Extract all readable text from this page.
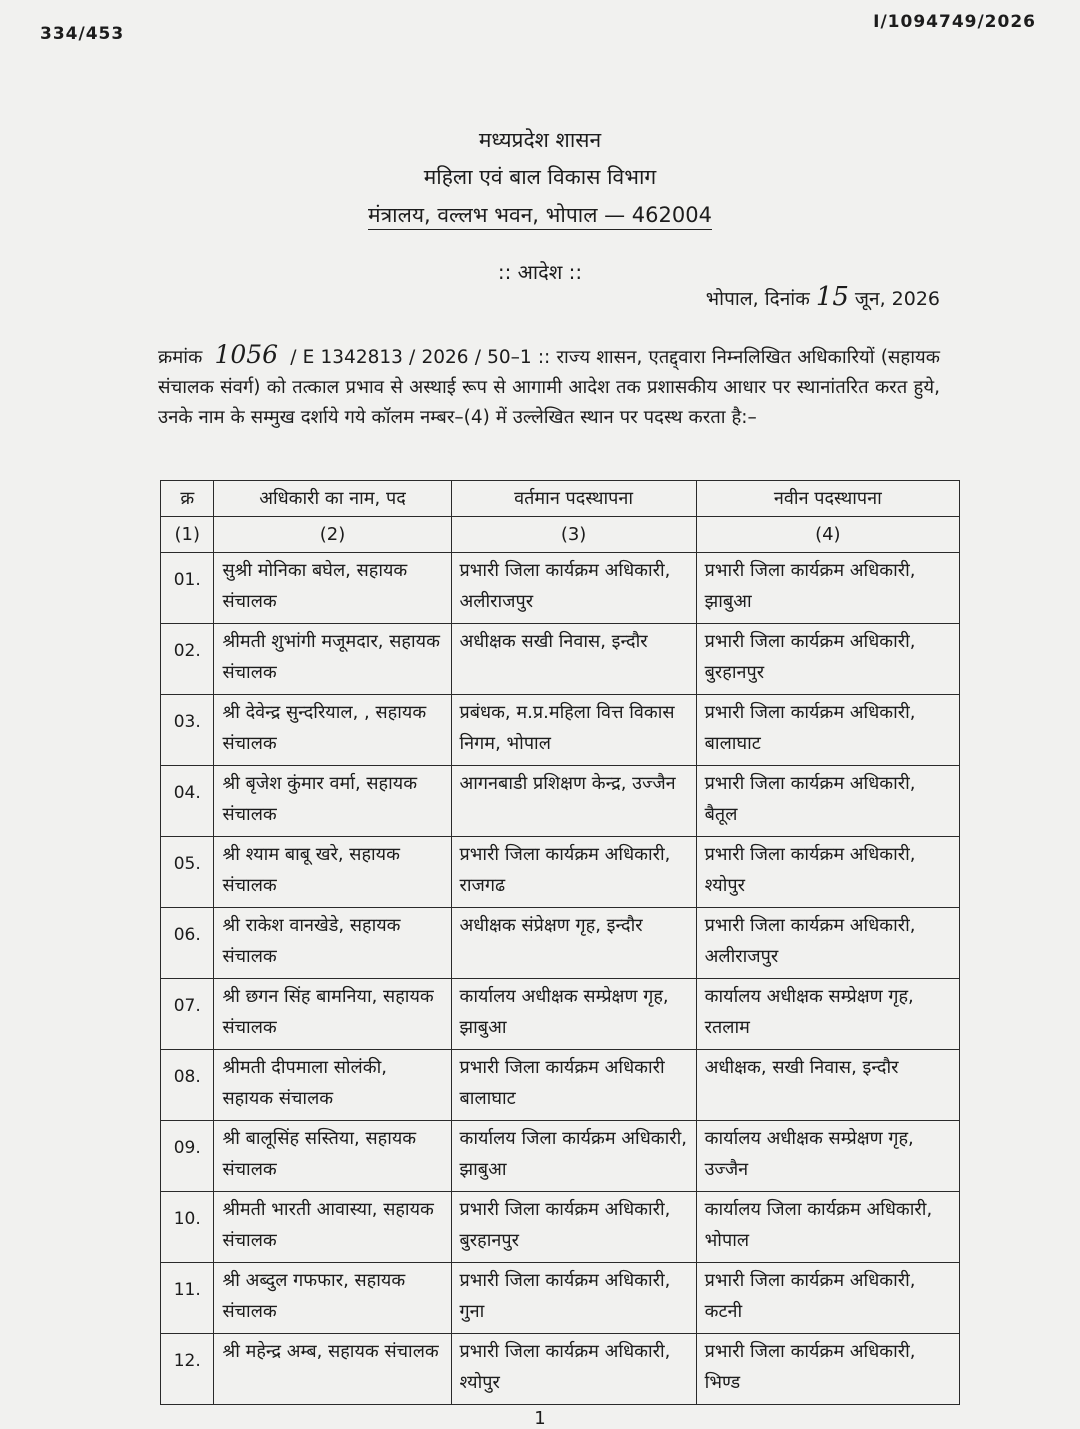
334/453
I/1094749/2026
मध्यप्रदेश शासन
महिला एवं बाल विकास विभाग
मंत्रालय, वल्लभ भवन, भोपाल — 462004
:: आदेश ::
भोपाल, दिनांक 15 जून, 2026
क्रमांक 1056 / E 1342813 / 2026 / 50–1 :: राज्य शासन, एतद्द्वारा निम्नलिखित अधिकारियों (सहायक संचालक संवर्ग) को तत्काल प्रभाव से अस्थाई रूप से आगामी आदेश तक प्रशासकीय आधार पर स्थानांतरित करत हुये, उनके नाम के सम्मुख दर्शाये गये कॉलम नम्बर–(4) में उल्लेखित स्थान पर पदस्थ करता है:–
क्र	अधिकारी का नाम, पद	वर्तमान पदस्थापना	नवीन पदस्थापना
(1)	(2)	(3)	(4)
01.	सुश्री मोनिका बघेल, सहायक संचालक	प्रभारी जिला कार्यक्रम अधिकारी, अलीराजपुर	प्रभारी जिला कार्यक्रम अधिकारी, झाबुआ
02.	श्रीमती शुभांगी मजूमदार, सहायक संचालक	अधीक्षक सखी निवास, इन्दौर	प्रभारी जिला कार्यक्रम अधिकारी, बुरहानपुर
03.	श्री देवेन्द्र सुन्दरियाल, , सहायक संचालक	प्रबंधक, म.प्र.महिला वित्त विकास निगम, भोपाल	प्रभारी जिला कार्यक्रम अधिकारी, बालाघाट
04.	श्री बृजेश कुंमार वर्मा, सहायक संचालक	आगनबाडी प्रशिक्षण केन्द्र, उज्जैन	प्रभारी जिला कार्यक्रम अधिकारी, बैतूल
05.	श्री श्याम बाबू खरे, सहायक संचालक	प्रभारी जिला कार्यक्रम अधिकारी, राजगढ	प्रभारी जिला कार्यक्रम अधिकारी, श्योपुर
06.	श्री राकेश वानखेडे, सहायक संचालक	अधीक्षक संप्रेक्षण गृह, इन्दौर	प्रभारी जिला कार्यक्रम अधिकारी, अलीराजपुर
07.	श्री छगन सिंह बामनिया, सहायक संचालक	कार्यालय अधीक्षक सम्प्रेक्षण गृह, झाबुआ	कार्यालय अधीक्षक सम्प्रेक्षण गृह, रतलाम
08.	श्रीमती दीपमाला सोलंकी, सहायक संचालक	प्रभारी जिला कार्यक्रम अधिकारी बालाघाट	अधीक्षक, सखी निवास, इन्दौर
09.	श्री बालूसिंह सस्तिया, सहायक संचालक	कार्यालय जिला कार्यक्रम अधिकारी, झाबुआ	कार्यालय अधीक्षक सम्प्रेक्षण गृह, उज्जैन
10.	श्रीमती भारती आवास्या, सहायक संचालक	प्रभारी जिला कार्यक्रम अधिकारी, बुरहानपुर	कार्यालय जिला कार्यक्रम अधिकारी, भोपाल
11.	श्री अब्दुल गफफार, सहायक संचालक	प्रभारी जिला कार्यक्रम अधिकारी, गुना	प्रभारी जिला कार्यक्रम अधिकारी, कटनी
12.	श्री महेन्द्र अम्ब, सहायक संचालक	प्रभारी जिला कार्यक्रम अधिकारी, श्योपुर	प्रभारी जिला कार्यक्रम अधिकारी, भिण्ड
1
